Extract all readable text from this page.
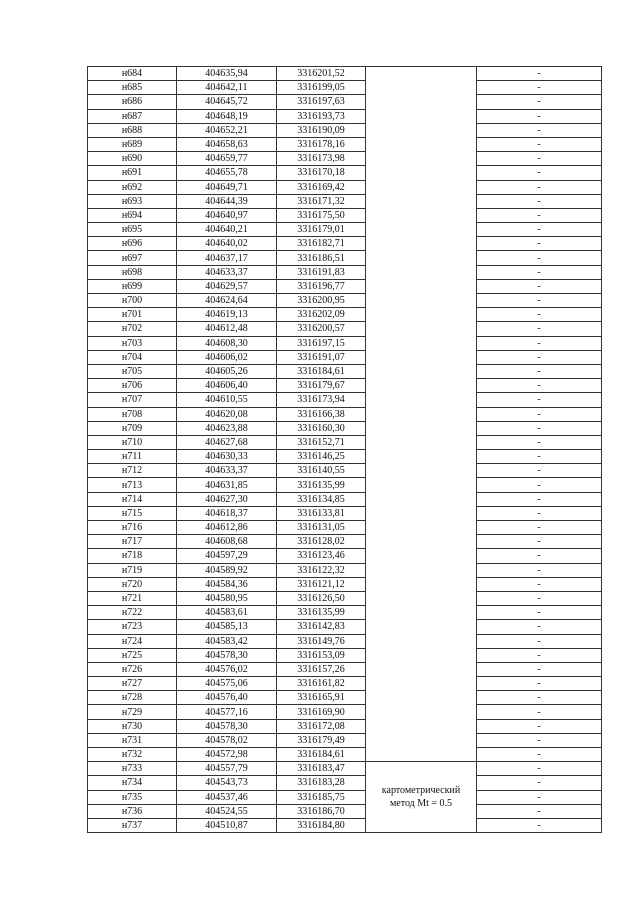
н684	404635,94	3316201,52		-
н685	404642,11	3316199,05		-
н686	404645,72	3316197,63		-
н687	404648,19	3316193,73		-
н688	404652,21	3316190,09		-
н689	404658,63	3316178,16		-
н690	404659,77	3316173,98		-
н691	404655,78	3316170,18		-
н692	404649,71	3316169,42		-
н693	404644,39	3316171,32		-
н694	404640,97	3316175,50		-
н695	404640,21	3316179,01		-
н696	404640,02	3316182,71		-
н697	404637,17	3316186,51		-
н698	404633,37	3316191,83		-
н699	404629,57	3316196,77		-
н700	404624,64	3316200,95		-
н701	404619,13	3316202,09		-
н702	404612,48	3316200,57		-
н703	404608,30	3316197,15		-
н704	404606,02	3316191,07		-
н705	404605,26	3316184,61		-
н706	404606,40	3316179,67		-
н707	404610,55	3316173,94		-
н708	404620,08	3316166,38		-
н709	404623,88	3316160,30		-
н710	404627,68	3316152,71		-
н711	404630,33	3316146,25		-
н712	404633,37	3316140,55		-
н713	404631,85	3316135,99		-
н714	404627,30	3316134,85		-
н715	404618,37	3316133,81		-
н716	404612,86	3316131,05		-
н717	404608,68	3316128,02		-
н718	404597,29	3316123,46		-
н719	404589,92	3316122,32		-
н720	404584,36	3316121,12		-
н721	404580,95	3316126,50		-
н722	404583,61	3316135,99		-
н723	404585,13	3316142,83		-
н724	404583,42	3316149,76		-
н725	404578,30	3316153,09		-
н726	404576,02	3316157,26		-
н727	404575,06	3316161,82		-
н728	404576,40	3316165,91		-
н729	404577,16	3316169,90		-
н730	404578,30	3316172,08		-
н731	404578,02	3316179,49		-
н732	404572,98	3316184,61		-
н733	404557,79	3316183,47	картометрический метод Mt = 0.5	-
н734	404543,73	3316183,28		-
н735	404537,46	3316185,75		-
н736	404524,55	3316186,70		-
н737	404510,87	3316184,80		-
